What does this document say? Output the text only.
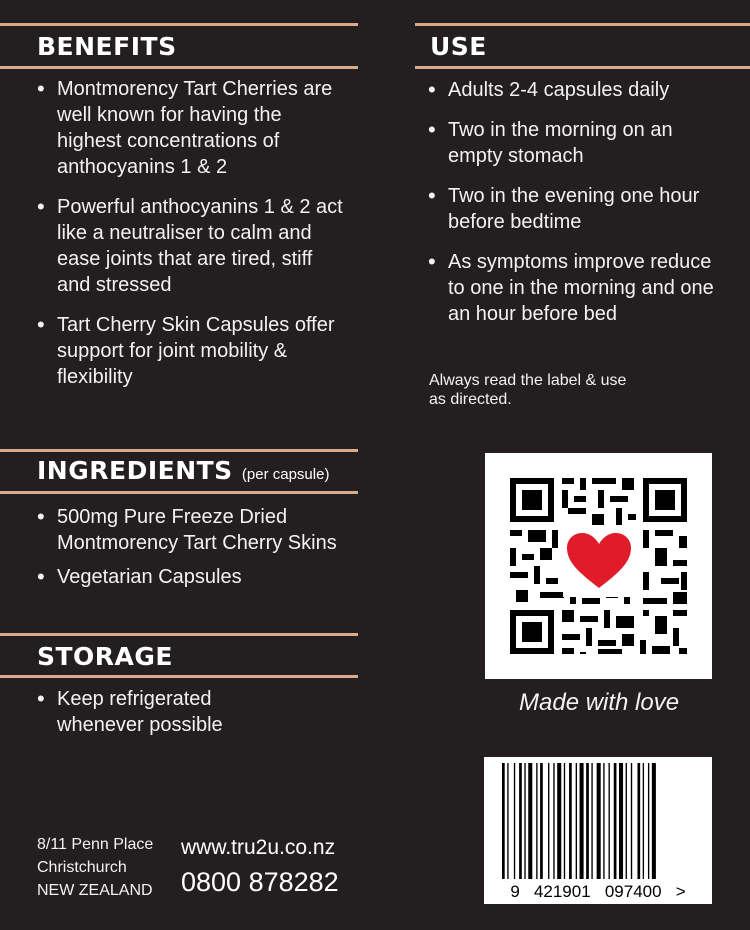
BENEFITS
• Montmorency Tart Cherries are well known for having the highest concentrations of anthocyanins 1 & 2
• Powerful anthocyanins 1 & 2 act like a neutraliser to calm and ease joints that are tired, stiff and stressed
• Tart Cherry Skin Capsules offer support for joint mobility & flexibility
USE
• Adults 2-4 capsules daily
• Two in the morning on an empty stomach
• Two in the evening one hour before bedtime
• As symptoms improve reduce to one in the morning and one an hour before bed
Always read the label & use as directed.
INGREDIENTS (per capsule)
• 500mg Pure Freeze Dried Montmorency Tart Cherry Skins
• Vegetarian Capsules
STORAGE
• Keep refrigerated whenever possible
Made with love
9   421901   097400   >
8/11 Penn Place
Christchurch
NEW ZEALAND
www.tru2u.co.nz
0800 878282
